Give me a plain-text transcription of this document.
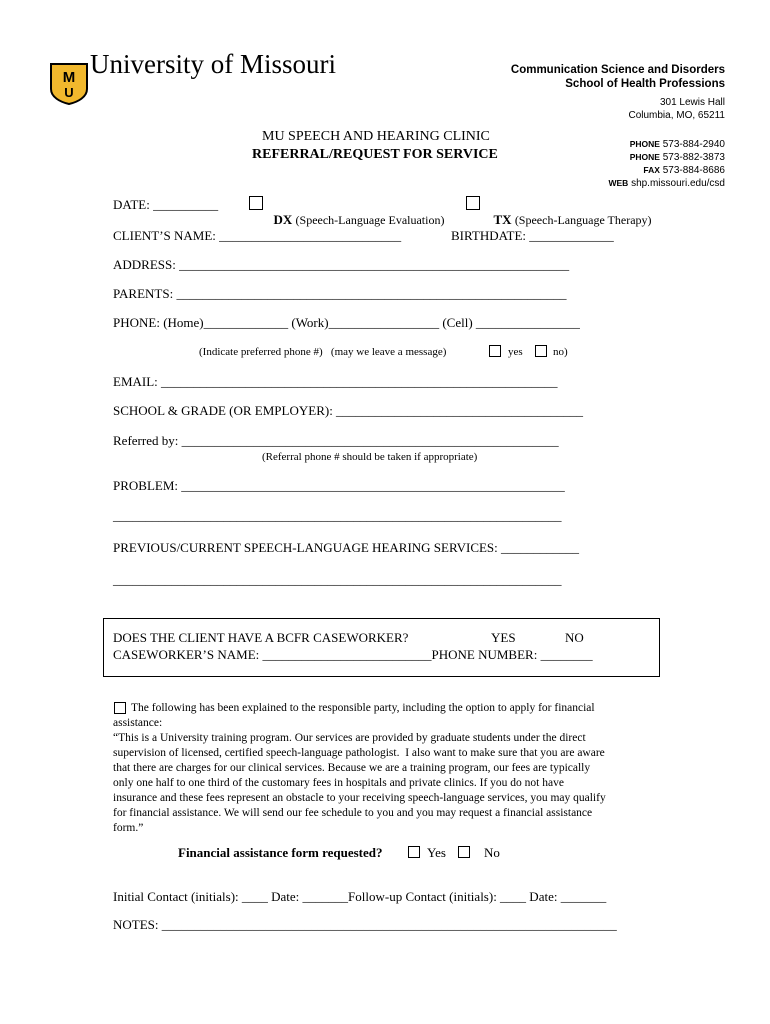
M
U

University of Missouri	Communication Science and Disorders
School of Health Professions
301 Lewis Hall
Columbia, MO, 65211

PHONE 573-884-2940

PHONE 573-882-3873

FAX 573-884-8686

WEB shp.missouri.edu/csd

MU SPEECH AND HEARING CLINIC
REFERRAL/REQUEST FOR SERVICE
DATE: __________

DX (Speech-Language Evaluation)	TX (Speech-Language Therapy)

CLIENT’S NAME: ____________________________	BIRTHDATE: _____________
ADDRESS: ____________________________________________________________
PARENTS: ____________________________________________________________
PHONE: (Home)_____________ (Work)_________________ (Cell) ________________
(Indicate preferred phone #)   (may we leave a message)	yes	no)
EMAIL: _____________________________________________________________
SCHOOL & GRADE (OR EMPLOYER): ______________________________________
Referred by: __________________________________________________________
(Referral phone # should be taken if appropriate)
PROBLEM: ___________________________________________________________
_____________________________________________________________________
PREVIOUS/CURRENT SPEECH-LANGUAGE HEARING SERVICES: ____________
_____________________________________________________________________
DOES THE CLIENT HAVE A BCFR CASEWORKER?	YES	NO
CASEWORKER’S NAME: __________________________PHONE NUMBER: ________
The following has been explained to the responsible party, including the option to apply for financial
assistance:
“This is a University training program. Our services are provided by graduate students under the direct
supervision of licensed, certified speech-language pathologist.  I also want to make sure that you are aware
that there are charges for our clinical services. Because we are a training program, our fees are typically
only one half to one third of the customary fees in hospitals and private clinics. If you do not have
insurance and these fees represent an obstacle to your receiving speech-language services, you may qualify
for financial assistance. We will send our fee schedule to you and you may request a financial assistance
form.”
Financial assistance form requested?	Yes	No
Initial Contact (initials): ____ Date: _______Follow-up Contact (initials): ____ Date: _______
NOTES: ______________________________________________________________________
